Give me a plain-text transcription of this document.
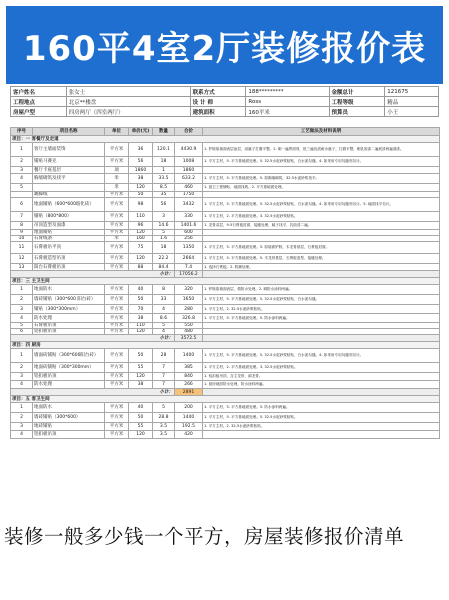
160平4室2厅装修报价表
客户姓名	张女士	联系方式	188*********	金额总计	121675
工程地点	北京**楼盘	设 计 师	Ross	工程等级	精品
房屋户型	四房两厅（四室两厅）	建筑面积	160平米	预算员	小王
序号	项目名称	单位	单价(元)	数量	合价	工艺做法及材料说明
项目：一 客餐厅及走道						
1	客厅主墙面装饰	平方米	36	120.1	4430.9	1. 铲除原墙面表层涂层，刮腻子打磨平整。2. 刷一遍界面剂，批三遍优质耐水腻子，打磨平整，刷乳胶漆二遍底漆两遍面漆。
2	铺贴马赛克	平方米	56	18	1008	1. 平方主材，5. 平方基地面处理。5. 32.5水泥砂浆粘贴，白水泥勾缝。4. 如采用专用勾缝剂另计。
3	餐厅卡座基层	项	1860	1	1860	
4	胸墙砌筑及找平	米	38	33.5	633.2	1. 平方主材，5. 平方基地面处理。5. 原胸墙砌筑，32.5水泥砂浆找平。
5		米	120	8.5	460	1. 厨卫工程铺贴，地面找坡。2. 平方基地面处理。
	踢脚线	平方米	50	35	1750	
6	地面铺贴（600*600玻化砖）	平方米	98	56	3432	1. 平方主材，5. 平方基地面处理。5. 32.5水泥砂浆粘贴，白水泥勾缝。4. 如采用专用勾缝剂另计。5. 地面找平另计。
7	铺贴（800*800）	平方米	110	3	330	1. 平方主材，2. 平方基地面处理。3. 32.5水泥砂浆粘贴。
8	吊顶造型及面漆	平方米	96	14.6	1401.6	1. 龙骨双层，9.5石膏板封面，接缝处理，腻子找平，乳胶漆二遍。
9	地面铺贴	平方米	120	5	600	
10	石膏线条	米	160	1.6	256	
11	石膏板吊平顶	平方米	75	18	1350	1. 平方主材，5. 平方基地面处理。5. 原墙面铲除，木龙骨基层，石膏板封面。
12	石膏板造型吊顶	平方米	120	22.2	2664	1. 平方主材，5. 平方基地面处理。5. 木龙骨基层，石膏板造型，接缝处理。
13	阳台石膏板吊顶	平方米	88	84.4	7.4	1. 选择石膏板。2. 防潮处理。
小计：					17056.2	
项目：三 主卫生间						
1	地面防水	平方米	40	8	320	1. 铲除原墙面表层，做防水处理。2. 刷防水涂料两遍。
2	墙砖铺贴（300*600 阳台砖）	平方米	50	33	1650	1. 平方主材，5. 平方基地面处理。5. 32.5水泥砂浆粘贴，白水泥勾缝。
3	铺贴（300*300mm）	平方米	70	4	280	1. 平方主材。2. 32.5水泥砂浆粘贴。
4	防水处理	平方米	38	8.6	326.8	1. 平方主材，5. 平方基地面处理。5. 防水涂料两遍。
5	石膏板吊顶	平方米	110	5	550	
6	铝扣板吊顶	平方米	120	4	480	
小计：					3572.5	
项目：四 厨房						
1	墙面砖铺贴（300*600阳台砖）	平方米	50	28	1400	1. 平方主材，5. 平方基地面处理。5. 32.5水泥砂浆粘贴，白水泥勾缝。4. 如采用专用勾缝剂另计。
2	地面砖铺贴（300*300mm）	平方米	55	7	385	1. 平方主材，2. 平方基地面处理。3. 32.5水泥砂浆粘贴。
3	铝扣板吊顶	平方米	120	7	840	1. 铝扣板吊顶，含主龙骨、副龙骨。
4	防水处理	平方米	38	7	266	1. 厨房地面防水处理，防水涂料两遍。
小计：					2891	
项目：五 客卫生间						
1	地面防水	平方米	40	5	200	1. 平方主材，5. 平方基地面处理。5. 防水涂料两遍。
2	墙砖铺贴（300*600）	平方米	50	28.8	1440	1. 平方主材，5. 平方基地面处理。5. 32.5水泥砂浆粘贴。
3	地砖铺贴	平方米	55	3.5	192.5	1. 平方主材。2. 32.5水泥砂浆粘贴。
4	铝扣板吊顶	平方米	120	3.5	420	
装修一般多少钱一个平方，房屋装修报价清单
